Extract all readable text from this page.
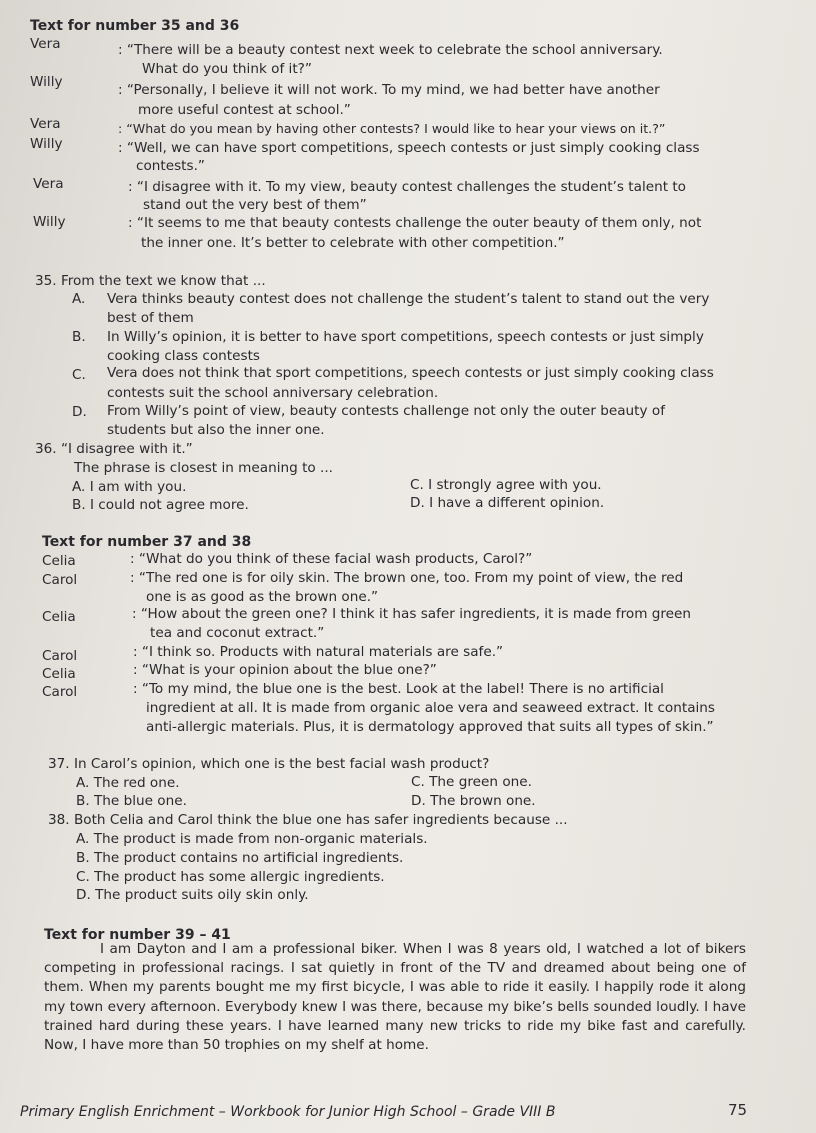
Text for number 35 and 36
Vera	: “There will be a beauty contest next week to celebrate the school anniversary.
What do you think of it?”
Willy	: “Personally, I believe it will not work. To my mind, we had better have another
more useful contest at school.”
Vera	: “What do you mean by having other contests? I would like to hear your views on it.?”
Willy	: “Well, we can have sport competitions, speech contests or just simply cooking class
contests.”
Vera	: “I disagree with it. To my view, beauty contest challenges the student’s talent to
stand out the very best of them”
Willy	: “It seems to me that beauty contests challenge the outer beauty of them only, not
the inner one. It’s better to celebrate with other competition.”
35. From the text we know that ...
A. Vera thinks beauty contest does not challenge the student’s talent to stand out the very
best of them
B. In Willy’s opinion, it is better to have sport competitions, speech contests or just simply
cooking class contests
C. Vera does not think that sport competitions, speech contests or just simply cooking class
contests suit the school anniversary celebration.
D. From Willy’s point of view, beauty contests challenge not only the outer beauty of
students but also the inner one.
36. “I disagree with it.”
The phrase is closest in meaning to ...
A. I am with you.
B. I could not agree more.
C. I strongly agree with you.
D. I have a different opinion.
Text for number 37 and 38
Celia	: “What do you think of these facial wash products, Carol?”
Carol	: “The red one is for oily skin. The brown one, too. From my point of view, the red
one is as good as the brown one.”
Celia	: “How about the green one? I think it has safer ingredients, it is made from green
tea and coconut extract.”
Carol	: “I think so. Products with natural materials are safe.”
Celia	: “What is your opinion about the blue one?”
Carol	: “To my mind, the blue one is the best. Look at the label! There is no artificial
ingredient at all. It is made from organic aloe vera and seaweed extract. It contains
anti-allergic materials. Plus, it is dermatology approved that suits all types of skin.”
37. In Carol’s opinion, which one is the best facial wash product?
A. The red one.
B. The blue one.
C. The green one.
D. The brown one.
38. Both Celia and Carol think the blue one has safer ingredients because ...
A. The product is made from non-organic materials.
B. The product contains no artificial ingredients.
C. The product has some allergic ingredients.
D. The product suits oily skin only.
Text for number 39 – 41
I am Dayton and I am a professional biker. When I was 8 years old, I watched a lot of bikers competing in professional racings. I sat quietly in front of the TV and dreamed about being one of them. When my parents bought me my first bicycle, I was able to ride it easily. I happily rode it along my town every afternoon. Everybody knew I was there, because my bike’s bells sounded loudly. I have trained hard during these years. I have learned many new tricks to ride my bike fast and carefully. Now, I have more than 50 trophies on my shelf at home.
Primary English Enrichment – Workbook for Junior High School – Grade VIII B	75
